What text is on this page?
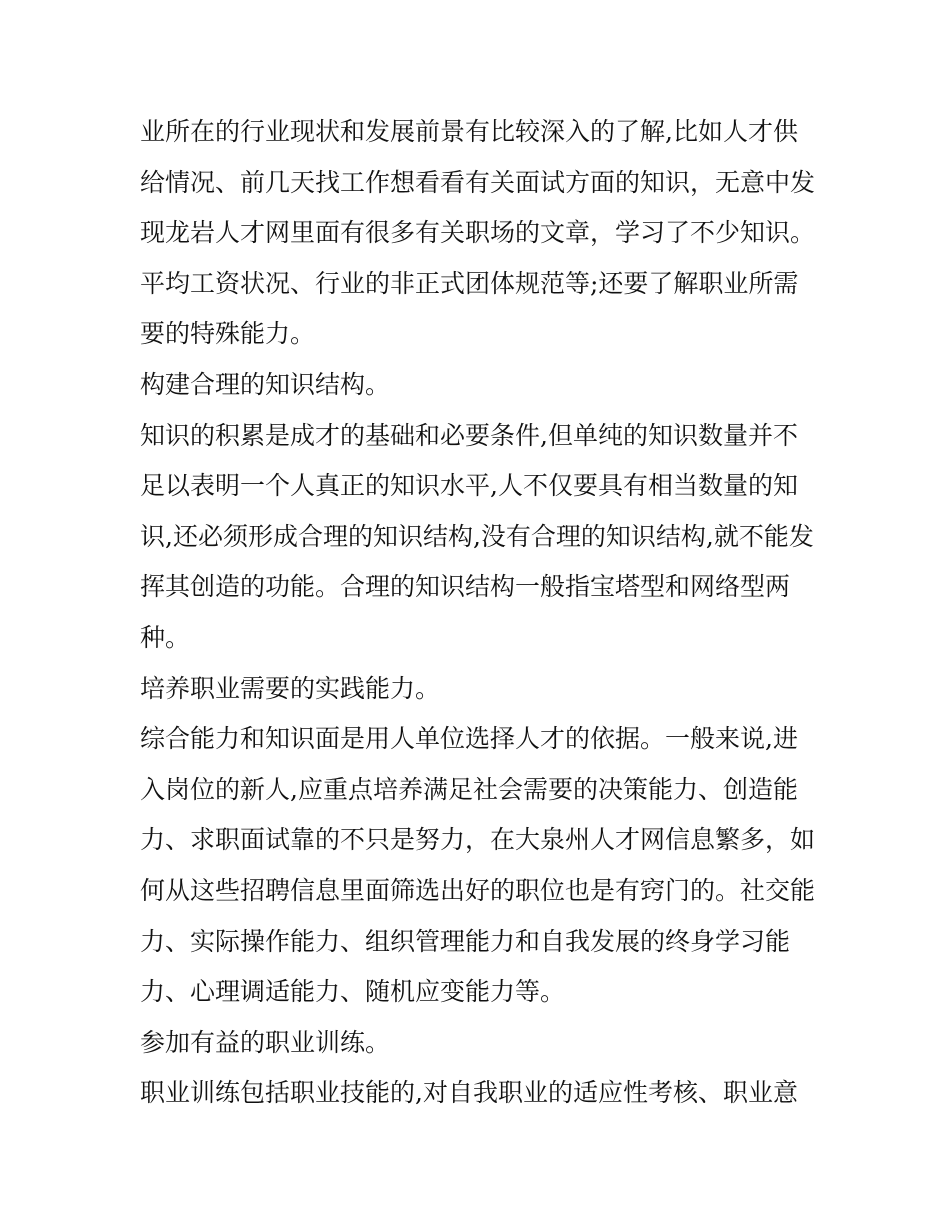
业所在的行业现状和发展前景有比较深入的了解,比如人才供
给情况、前几天找工作想看看有关面试方面的知识，无意中发
现龙岩人才网里面有很多有关职场的文章，学习了不少知识。
平均工资状况、行业的非正式团体规范等;还要了解职业所需
要的特殊能力。
构建合理的知识结构。
知识的积累是成才的基础和必要条件,但单纯的知识数量并不
足以表明一个人真正的知识水平,人不仅要具有相当数量的知
识,还必须形成合理的知识结构,没有合理的知识结构,就不能发
挥其创造的功能。合理的知识结构一般指宝塔型和网络型两
种。
培养职业需要的实践能力。
综合能力和知识面是用人单位选择人才的依据。一般来说,进
入岗位的新人,应重点培养满足社会需要的决策能力、创造能
力、求职面试靠的不只是努力，在大泉州人才网信息繁多，如
何从这些招聘信息里面筛选出好的职位也是有窍门的。社交能
力、实际操作能力、组织管理能力和自我发展的终身学习能
力、心理调适能力、随机应变能力等。
参加有益的职业训练。
职业训练包括职业技能的,对自我职业的适应性考核、职业意
